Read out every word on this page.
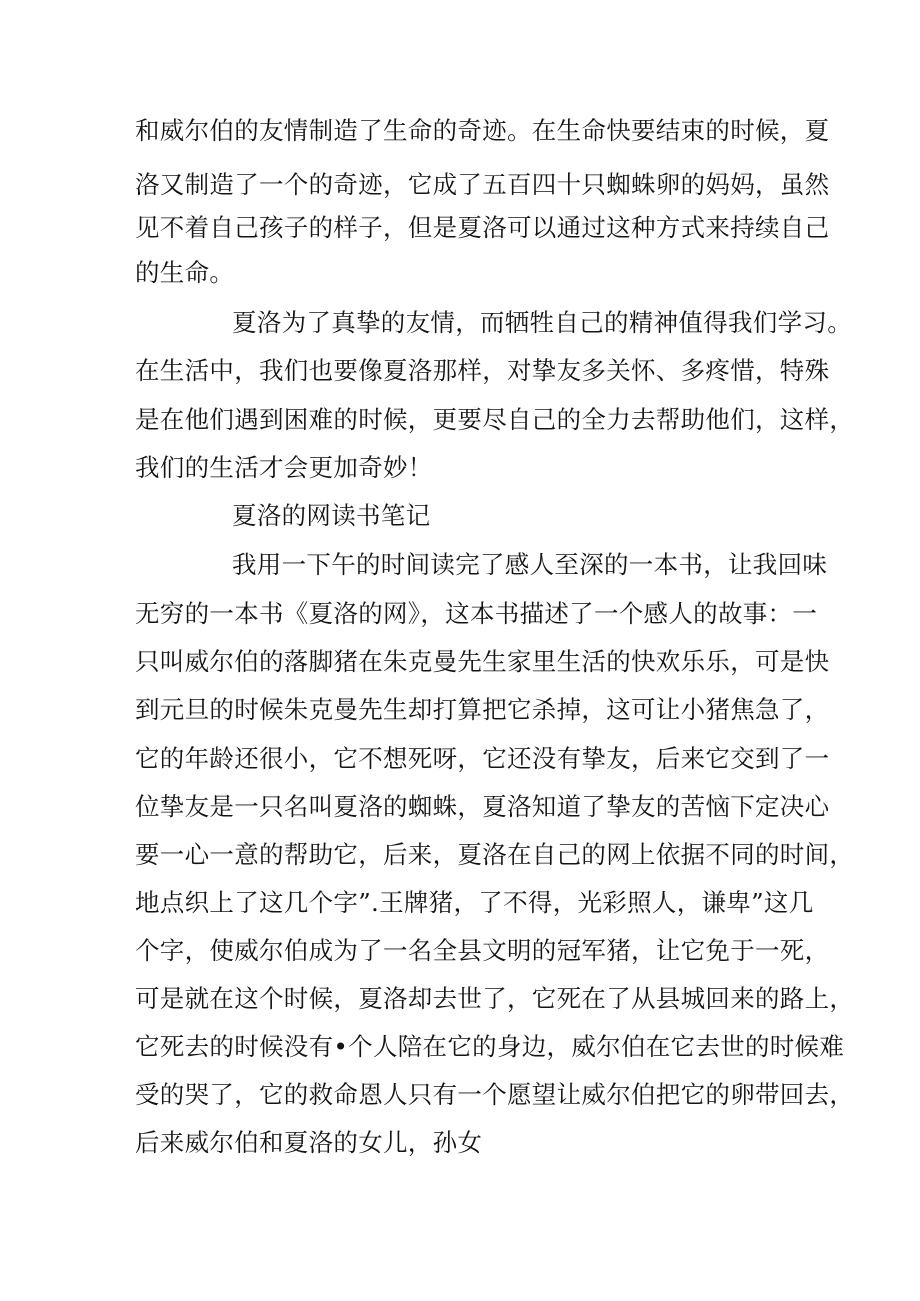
和威尔伯的友情制造了生命的奇迹。在生命快要结束的时候，夏

洛又制造了一个的奇迹，它成了五百四十只蜘蛛卵的妈妈，虽然

见不着自己孩子的样子，但是夏洛可以通过这种方式来持续自己

的生命。

夏洛为了真挚的友情，而牺牲自己的精神值得我们学习。

在生活中，我们也要像夏洛那样，对挚友多关怀、多疼惜，特殊

是在他们遇到困难的时候，更要尽自己的全力去帮助他们，这样，

我们的生活才会更加奇妙！

夏洛的网读书笔记

我用一下午的时间读完了感人至深的一本书，让我回味

无穷的一本书《夏洛的网》，这本书描述了一个感人的故事：一

只叫威尔伯的落脚猪在朱克曼先生家里生活的快欢乐乐，可是快

到元旦的时候朱克曼先生却打算把它杀掉，这可让小猪焦急了，

它的年龄还很小，它不想死呀，它还没有挚友，后来它交到了一

位挚友是一只名叫夏洛的蜘蛛，夏洛知道了挚友的苦恼下定决心

要一心一意的帮助它，后来，夏洛在自己的网上依据不同的时间，

地点织上了这几个字”.王牌猪，了不得，光彩照人，谦卑”这几

个字，使威尔伯成为了一名全县文明的冠军猪，让它免于一死，

可是就在这个时候，夏洛却去世了，它死在了从县城回来的路上，

它死去的时候没有•个人陪在它的身边，威尔伯在它去世的时候难

受的哭了，它的救命恩人只有一个愿望让威尔伯把它的卵带回去，

后来威尔伯和夏洛的女儿，孙女
